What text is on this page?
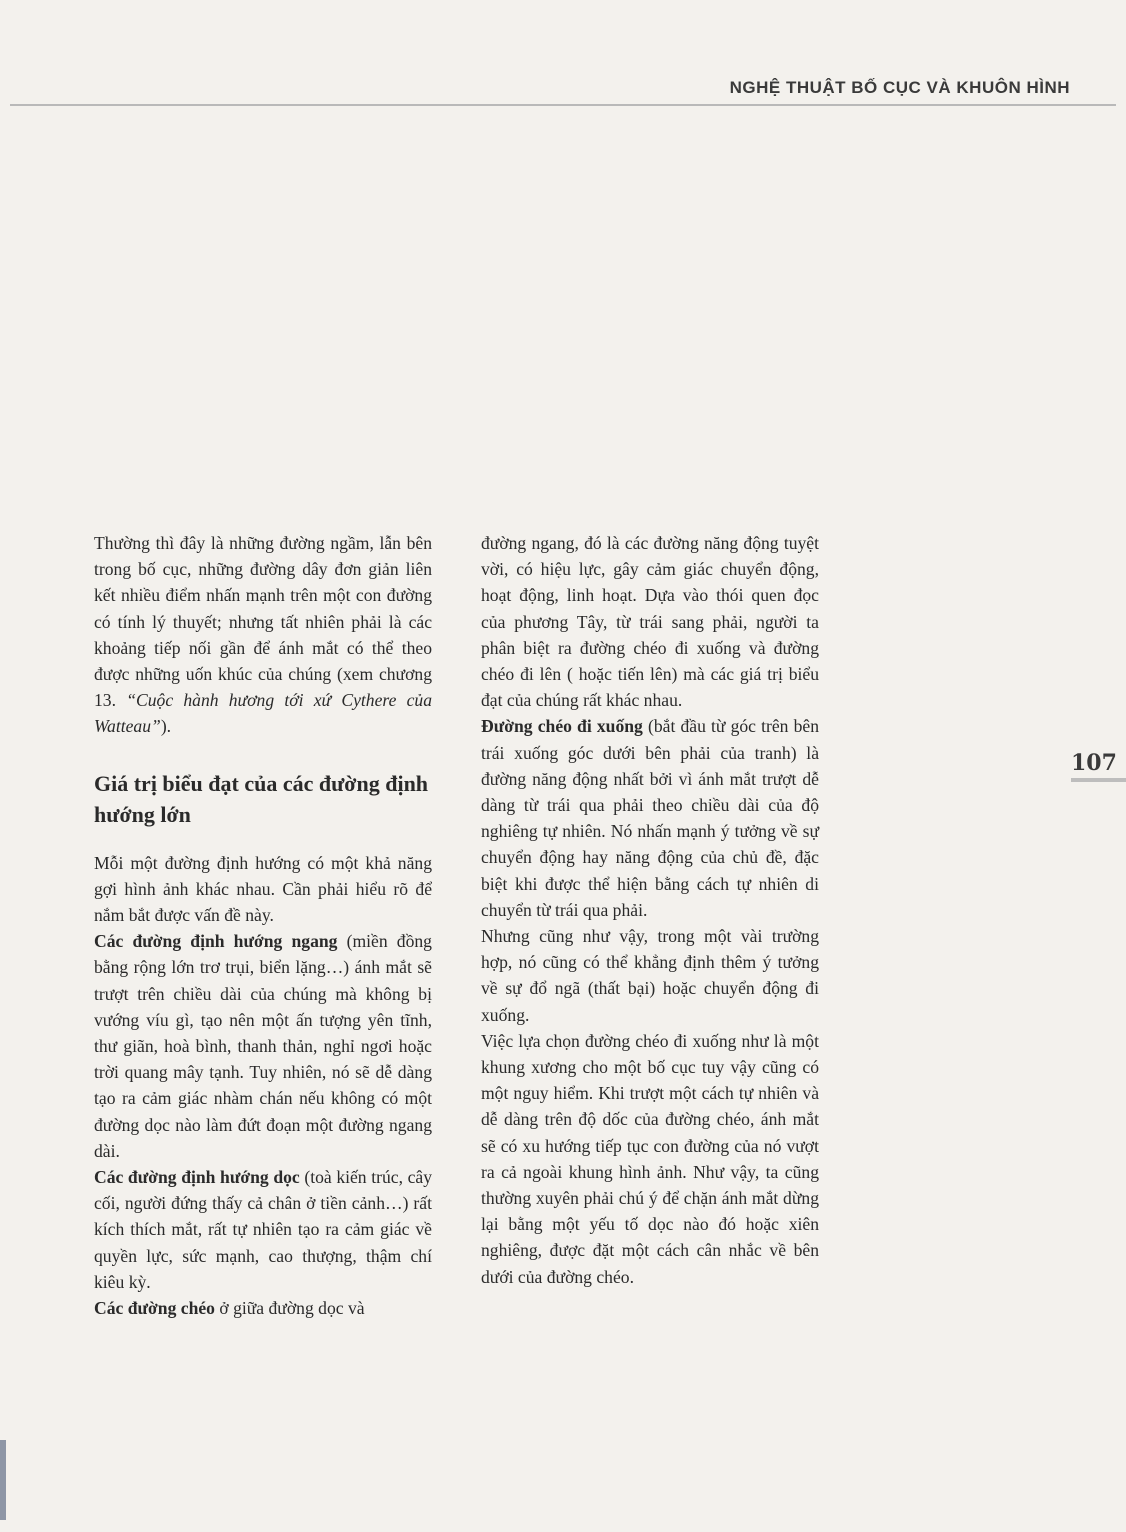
NGHỆ THUẬT BỐ CỤC VÀ KHUÔN HÌNH
107

Thường thì đây là những đường ngầm, lẫn bên trong bố cục, những đường dây đơn giản liên kết nhiều điểm nhấn mạnh trên một con đường có tính lý thuyết; nhưng tất nhiên phải là các khoảng tiếp nối gần để ánh mắt có thể theo được những uốn khúc của chúng (xem chương 13. “Cuộc hành hương tới xứ Cythere của Watteau”).

Giá trị biểu đạt của các đường định hướng lớn

Mỗi một đường định hướng có một khả năng gợi hình ảnh khác nhau. Cần phải hiểu rõ để nắm bắt được vấn đề này.

Các đường định hướng ngang (miền đồng bằng rộng lớn trơ trụi, biển lặng…) ánh mắt sẽ trượt trên chiều dài của chúng mà không bị vướng víu gì, tạo nên một ấn tượng yên tĩnh, thư giãn, hoà bình, thanh thản, nghỉ ngơi hoặc trời quang mây tạnh. Tuy nhiên, nó sẽ dễ dàng tạo ra cảm giác nhàm chán nếu không có một đường dọc nào làm đứt đoạn một đường ngang dài.

Các đường định hướng dọc (toà kiến trúc, cây cối, người đứng thấy cả chân ở tiền cảnh…) rất kích thích mắt, rất tự nhiên tạo ra cảm giác về quyền lực, sức mạnh, cao thượng, thậm chí kiêu kỳ.

Các đường chéo ở giữa đường dọc và

đường ngang, đó là các đường năng động tuyệt vời, có hiệu lực, gây cảm giác chuyển động, hoạt động, linh hoạt. Dựa vào thói quen đọc của phương Tây, từ trái sang phải, người ta phân biệt ra đường chéo đi xuống và đường chéo đi lên ( hoặc tiến lên) mà các giá trị biểu đạt của chúng rất khác nhau.

Đường chéo đi xuống (bắt đầu từ góc trên bên trái xuống góc dưới bên phải của tranh) là đường năng động nhất bởi vì ánh mắt trượt dễ dàng từ trái qua phải theo chiều dài của độ nghiêng tự nhiên. Nó nhấn mạnh ý tưởng về sự chuyển động hay năng động của chủ đề, đặc biệt khi được thể hiện bằng cách tự nhiên di chuyển từ trái qua phải.

Nhưng cũng như vậy, trong một vài trường hợp, nó cũng có thể khẳng định thêm ý tưởng về sự đổ ngã (thất bại) hoặc chuyển động đi xuống.

Việc lựa chọn đường chéo đi xuống như là một khung xương cho một bố cục tuy vậy cũng có một nguy hiểm. Khi trượt một cách tự nhiên và dễ dàng trên độ dốc của đường chéo, ánh mắt sẽ có xu hướng tiếp tục con đường của nó vượt ra cả ngoài khung hình ảnh. Như vậy, ta cũng thường xuyên phải chú ý để chặn ánh mắt dừng lại bằng một yếu tố dọc nào đó hoặc xiên nghiêng, được đặt một cách cân nhắc về bên dưới của đường chéo.
